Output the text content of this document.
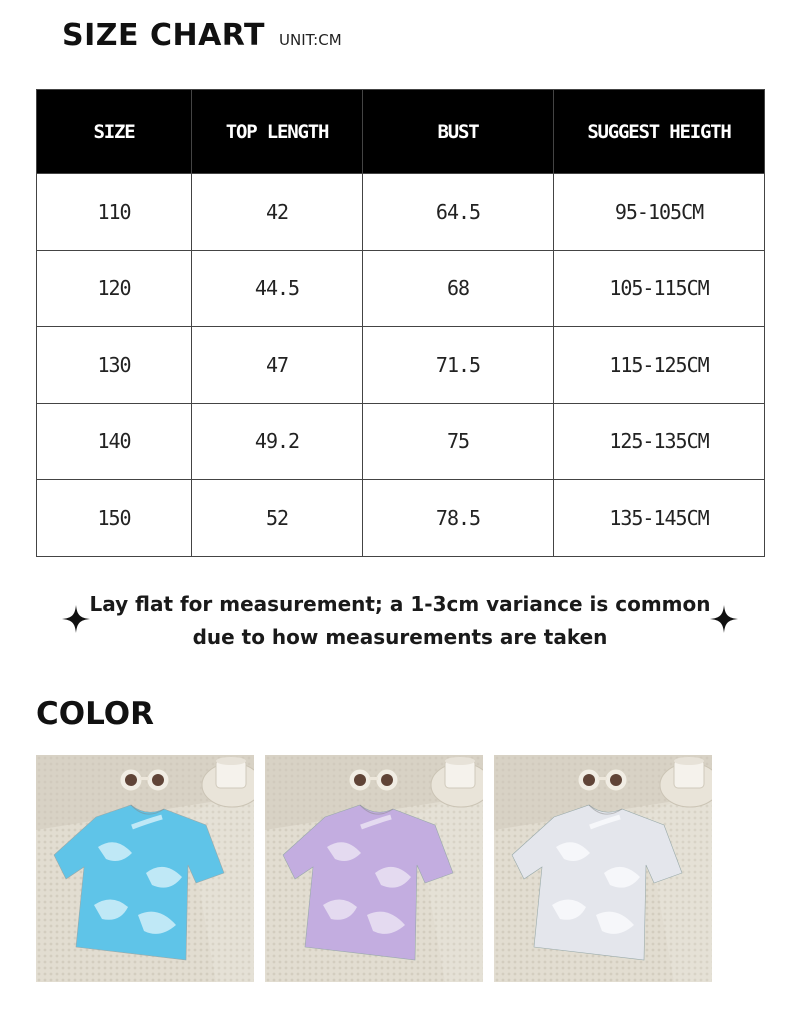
SIZE CHART UNIT:CM
SIZE	TOP LENGTH	BUST	SUGGEST HEIGTH
110	42	64.5	95-105CM
120	44.5	68	105-115CM
130	47	71.5	115-125CM
140	49.2	75	125-135CM
150	52	78.5	135-145CM
Lay flat for measurement; a 1-3cm variance is common
due to how measurements are taken
COLOR
